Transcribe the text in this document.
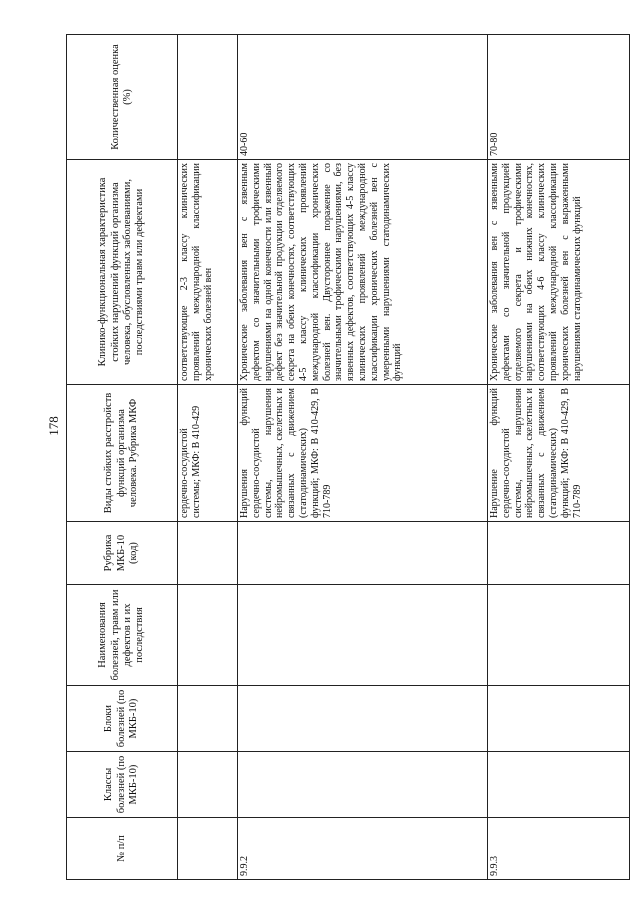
178
№ п/п	Классы болезней (по МКБ-10)	Блоки болезней (по МКБ-10)	Наименования болезней, травм или дефектов и их последствия	Рубрика МКБ-10 (код)	Виды стойких расстройств функций организма человека. Рубрика МКФ	Клинико-функциональная характеристика стойких нарушений функций организма человека, обусловленных заболеваниями, последствиями травм или дефектами	Количественная оценка (%)
					сердечно-сосудистой системы; МКФ: В 410-429	соответствующие 2-3 классу клинических проявлений международной классификации хронических болезней вен	
9.9.2					Нарушения функций сердечно-сосудистой системы, нарушения нейромышечных, скелетных и связанных с движением (статодинамических) функций; МКФ: В 410-429, В 710-789	Хронические заболевания вен с язвенным дефектом со значительными трофическими нарушениями на одной конечности или язвенный дефект без значительной продукции отделяемого секрета на обеих конечностях, соответствующих 4-5 классу клинических проявлений международной классификации хронических болезней вен. Двустороннее поражение со значительными трофическими нарушениями, без язвенных дефектов, соответствующих 4-5 классу клинических проявлений международной классификации хронических болезней вен с умеренными нарушениями статодинамических функций	40-60
9.9.3					Нарушение функций сердечно-сосудистой системы, нарушения нейромышечных, скелетных и связанных с движением (статодинамических) функций; МКФ: В 410-429, В 710-789	Хронические заболевания вен с язвенными дефектами со значительной продукцией отделяемого секрета и трофическими нарушениями на обеих нижних конечностях, соответствующих 4-6 классу клинических проявлений международной классификации хронических болезней вен с выраженными нарушениями статодинамических функций	70-80
